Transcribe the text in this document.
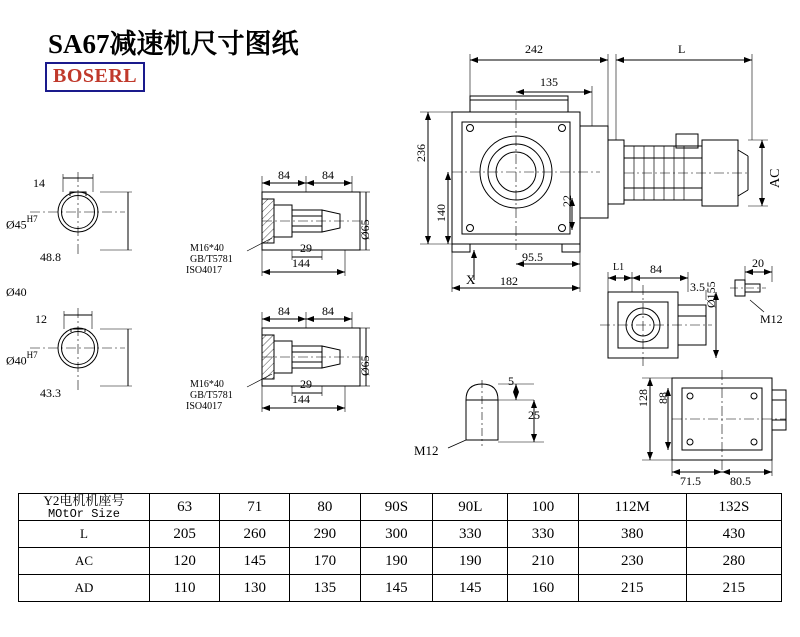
SA67减速机尺寸图纸
BOSERL
242	L
135
236
140
22
AC
95.5
182
X
L1 84
3.5
20
M12
Ø155
128 88
71.5 80.5
5
25
M12
14
$Ø45^{H7}$
48.8
Ø40
12
$Ø40^{H7}$
43.3
84	84
29
144
Ø65
M16*40
GB/T5781
ISO4017
84	84
29
144
Ø65
M16*40
GB/T5781
ISO4017
Y2电机机座号
MOtOr Size	63	71	80	90S	90L	100	112M	132S
L	205	260	290	300	330	330	380	430
AC	120	145	170	190	190	210	230	280
AD	110	130	135	145	145	160	215	215
